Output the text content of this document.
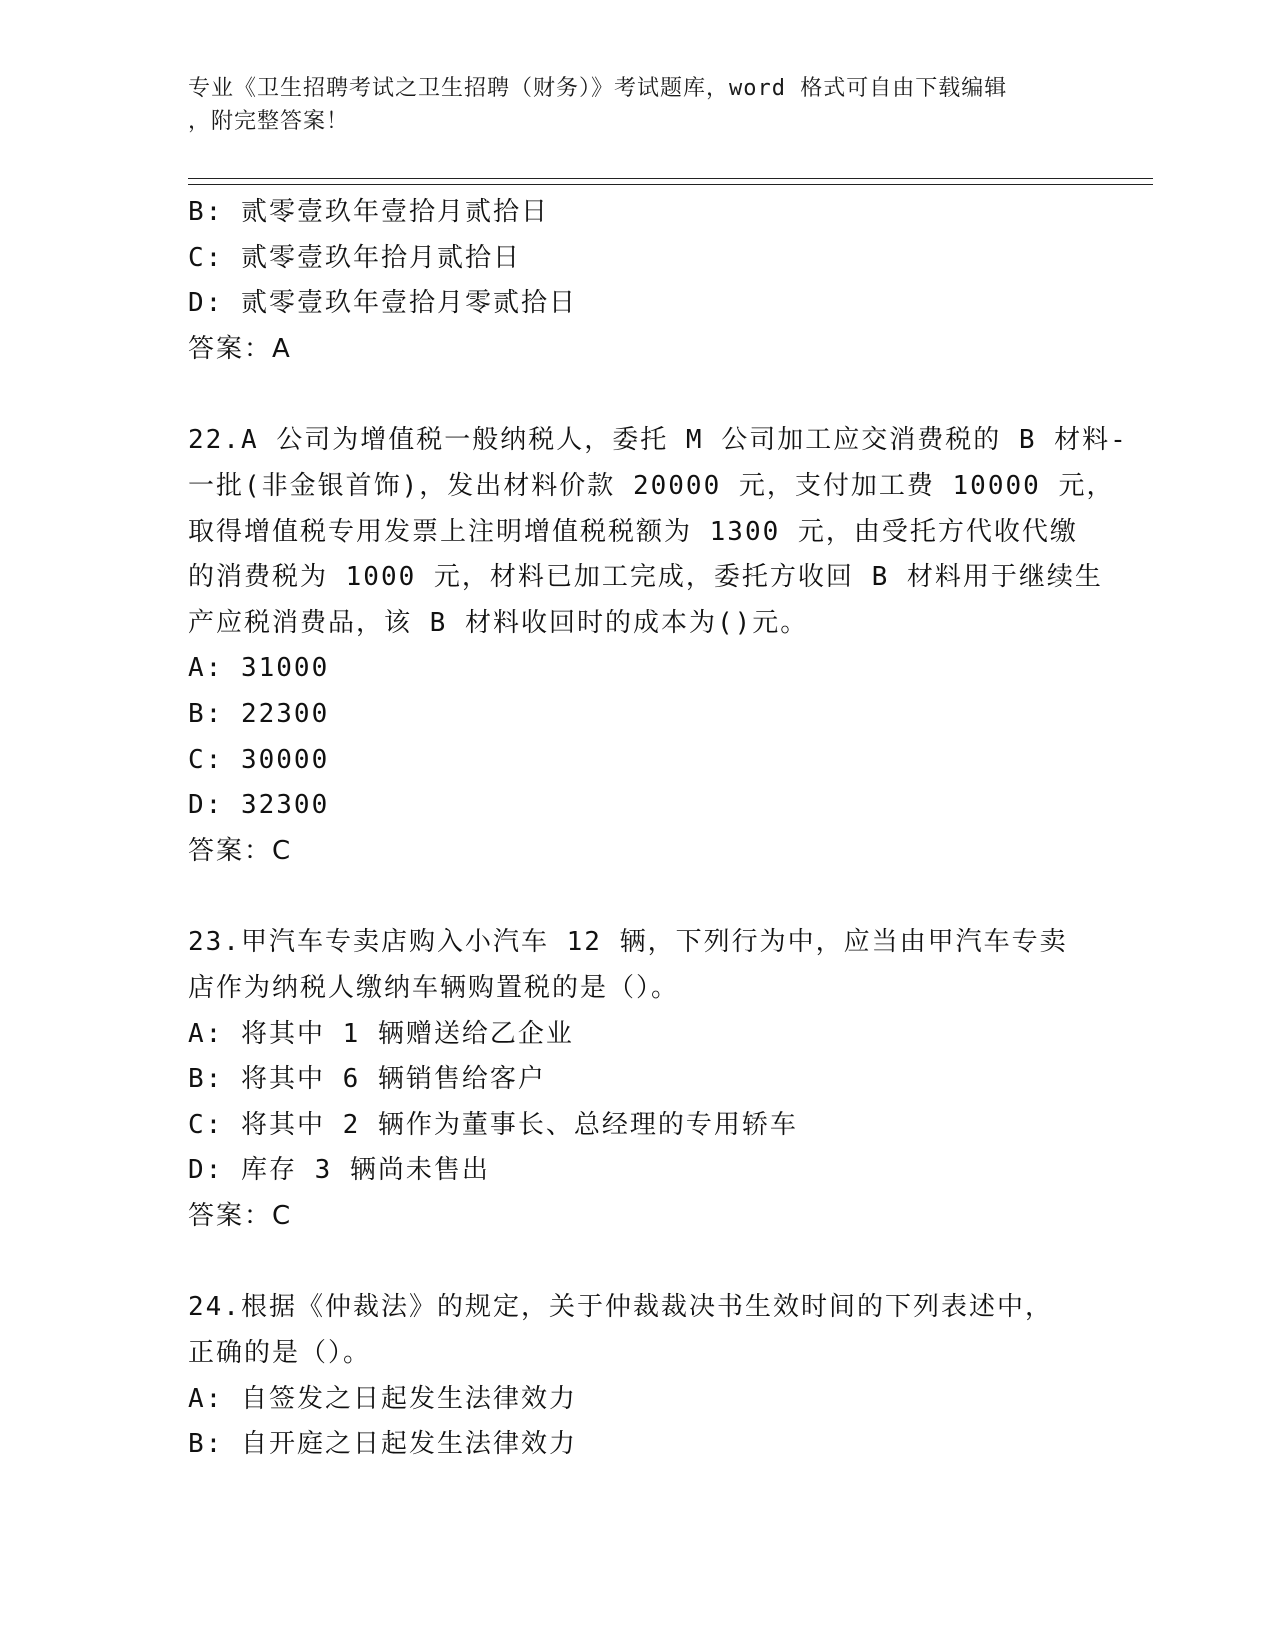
专业《卫生招聘考试之卫生招聘（财务）》考试题库，word 格式可自由下载编辑
，附完整答案！
B: 贰零壹玖年壹拾月贰拾日
C: 贰零壹玖年拾月贰拾日
D: 贰零壹玖年壹拾月零贰拾日
答案：A
22.A 公司为增值税一般纳税人，委托 M 公司加工应交消费税的 B 材料-
一批(非金银首饰)，发出材料价款 20000 元，支付加工费 10000 元，
取得增值税专用发票上注明增值税税额为 1300 元，由受托方代收代缴
的消费税为 1000 元，材料已加工完成，委托方收回 B 材料用于继续生
产应税消费品，该 B 材料收回时的成本为()元。
A: 31000
B: 22300
C: 30000
D: 32300
答案：C
23.甲汽车专卖店购入小汽车 12 辆，下列行为中，应当由甲汽车专卖
店作为纳税人缴纳车辆购置税的是（）。
A: 将其中 1 辆赠送给乙企业
B: 将其中 6 辆销售给客户
C: 将其中 2 辆作为董事长、总经理的专用轿车
D: 库存 3 辆尚未售出
答案：C
24.根据《仲裁法》的规定，关于仲裁裁决书生效时间的下列表述中，
正确的是（）。
A: 自签发之日起发生法律效力
B: 自开庭之日起发生法律效力
